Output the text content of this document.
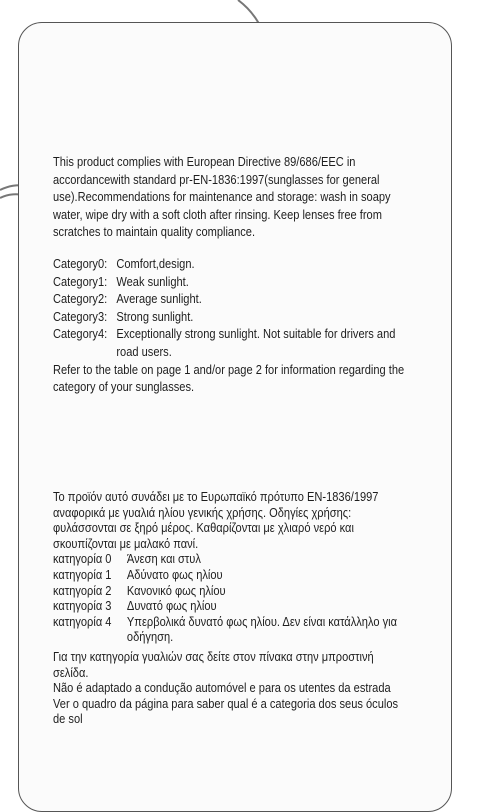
This product complies with European Directive 89/686/EEC in accordancewith standard pr-EN-1836:1997(sunglasses for general use).Recommendations for maintenance and storage: wash in soapy water, wipe dry with a soft cloth after rinsing. Keep lenses free from scratches to maintain quality compliance.

Category0: Comfort,design.
Category1: Weak sunlight.
Category2: Average sunlight.
Category3: Strong sunlight.
Category4: Exceptionally strong sunlight. Not suitable for drivers and road users.

Refer to the table on page 1 and/or page 2 for information regarding the category of your sunglasses.

Το προϊόν αυτό συνάδει με το Ευρωπαϊκό πρότυπο EN-1836/1997 αναφορικά με γυαλιά ηλίου γενικής χρήσης. Οδηγίες χρήσης: φυλάσσονται σε ξηρό μέρος. Καθαρίζονται με χλιαρό νερό και σκουπίζονται με μαλακό πανί.

κατηγορία 0	Άνεση και στυλ
κατηγορία 1	Αδύνατο φως ηλίου
κατηγορία 2	Κανονικό φως ηλίου
κατηγορία 3	Δυνατό φως ηλίου
κατηγορία 4	Υπερβολικά δυνατό φως ηλίου. Δεν είναι κατάλληλο για οδήγηση.

Για την κατηγορία γυαλιών σας δείτε στον πίνακα στην μπροστινή σελίδα.

Não é adaptado a condução automóvel e para os utentes da estrada Ver o quadro da página para saber qual é a categoria dos seus óculos de sol
